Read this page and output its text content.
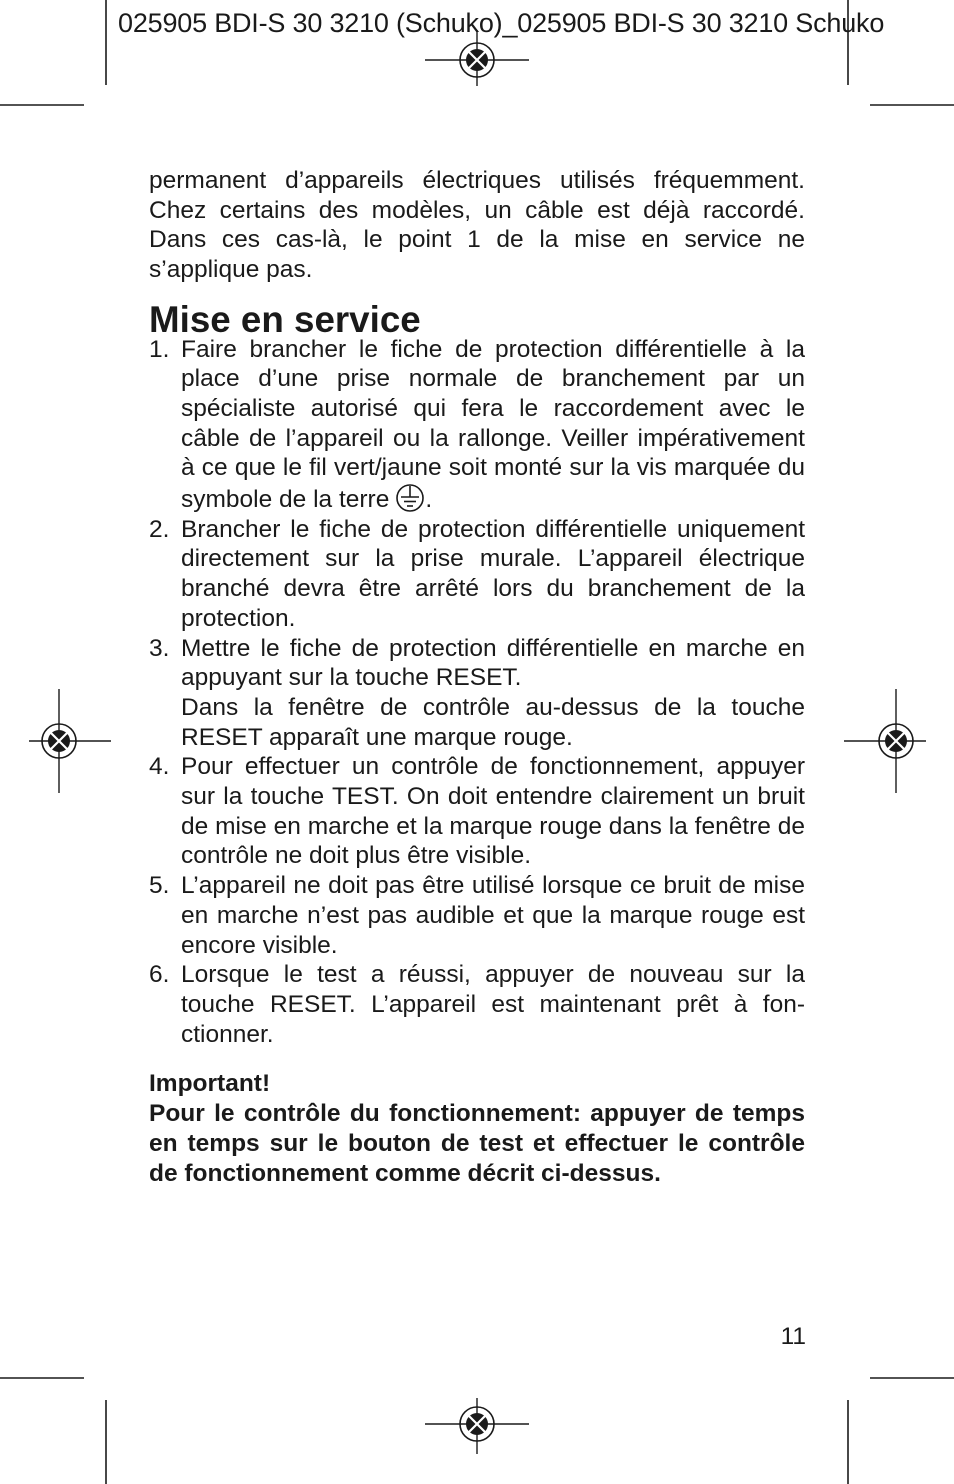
025905 BDI-S 30 3210 (Schuko)_025905 BDI-S 30 3210 Schuko

permanent d’appareils électriques utilisés fréquemment. Chez certains des modèles, un câble est déjà raccordé. Dans ces cas-là, le point 1 de la mise en service ne s’applique pas.

Mise en service
1. Faire brancher le fiche de protection différentielle à la place d’une prise normale de branchement par un spécialiste autorisé qui fera le raccordement avec le câble de l’appareil ou la rallonge. Veiller impérativement à ce que le fil vert/jaune soit monté sur la vis marquée du symbole de la terre .
2. Brancher le fiche de protection différentielle uniquement directement sur la prise murale. L’appareil électrique branché devra être arrêté lors du branchement de la protection.
3. Mettre le fiche de protection différentielle en marche en appuyant sur la touche RESET.
Dans la fenêtre de contrôle au-dessus de la touche RESET apparaît une marque rouge.
4. Pour effectuer un contrôle de fonctionnement, appuyer sur la touche TEST. On doit entendre clairement un bruit de mise en marche et la marque rouge dans la fenêtre de contrôle ne doit plus être visible.
5. L’appareil ne doit pas être utilisé lorsque ce bruit de mise en marche n’est pas audible et que la marque rouge est encore visible.
6. Lorsque le test a réussi, appuyer de nouveau sur la touche RESET. L’appareil est maintenant prêt à fonctionner.

Important!

Pour le contrôle du fonctionnement: appuyer de temps en temps sur le bouton de test et effectuer le contrôle de fonctionnement comme décrit ci-dessus.

11
